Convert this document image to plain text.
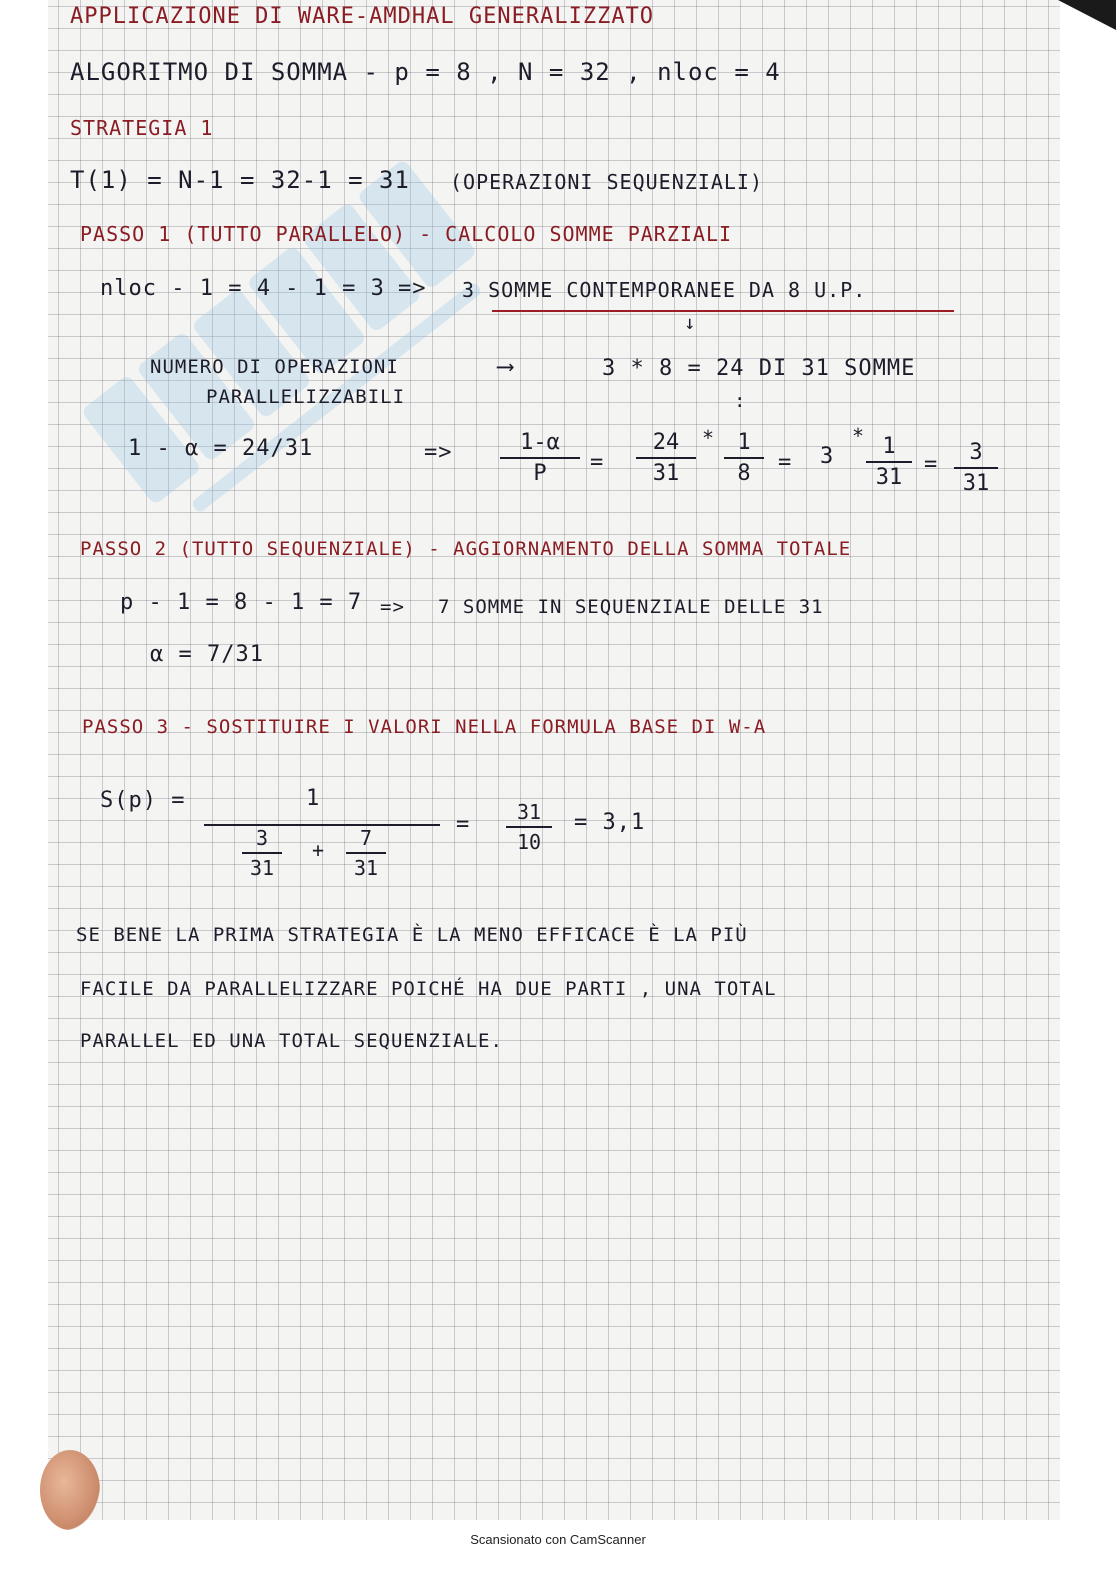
APPLICAZIONE DI WARE-AMDHAL GENERALIZZATO
ALGORITMO DI SOMMA - p = 8 , N = 32 , nloc = 4
STRATEGIA 1
T(1) = N-1 = 32-1 = 31 (OPERAZIONI SEQUENZIALI)
PASSO 1 (TUTTO PARALLELO) - CALCOLO SOMME PARZIALI
nloc - 1 = 4 - 1 = 3 => 3 SOMME CONTEMPORANEE DA 8 U.P.
↓
NUMERO DI OPERAZIONI
PARALLELIZZABILI
⟶	3 * 8 = 24 DI 31 SOMME
:
1 - α = 24/31	=>	1-α
P	=
24
31
*	1
8	= 3
* 1
31
=	3
31
PASSO 2 (TUTTO SEQUENZIALE) - AGGIORNAMENTO DELLA SOMMA TOTALE
p - 1 = 8 - 1 = 7 => 7 SOMME IN SEQUENZIALE DELLE 31
α = 7/31
PASSO 3 - SOSTITUIRE I VALORI NELLA FORMULA BASE DI W-A
S(p) =	1
3
31
+	7
31
=	31
10
= 3,1
SE BENE LA PRIMA STRATEGIA È LA MENO EFFICACE È LA PIÙ
FACILE DA PARALLELIZZARE POICHÉ HA DUE PARTI , UNA TOTAL
PARALLEL ED UNA TOTAL SEQUENZIALE.
Scansionato con CamScanner
